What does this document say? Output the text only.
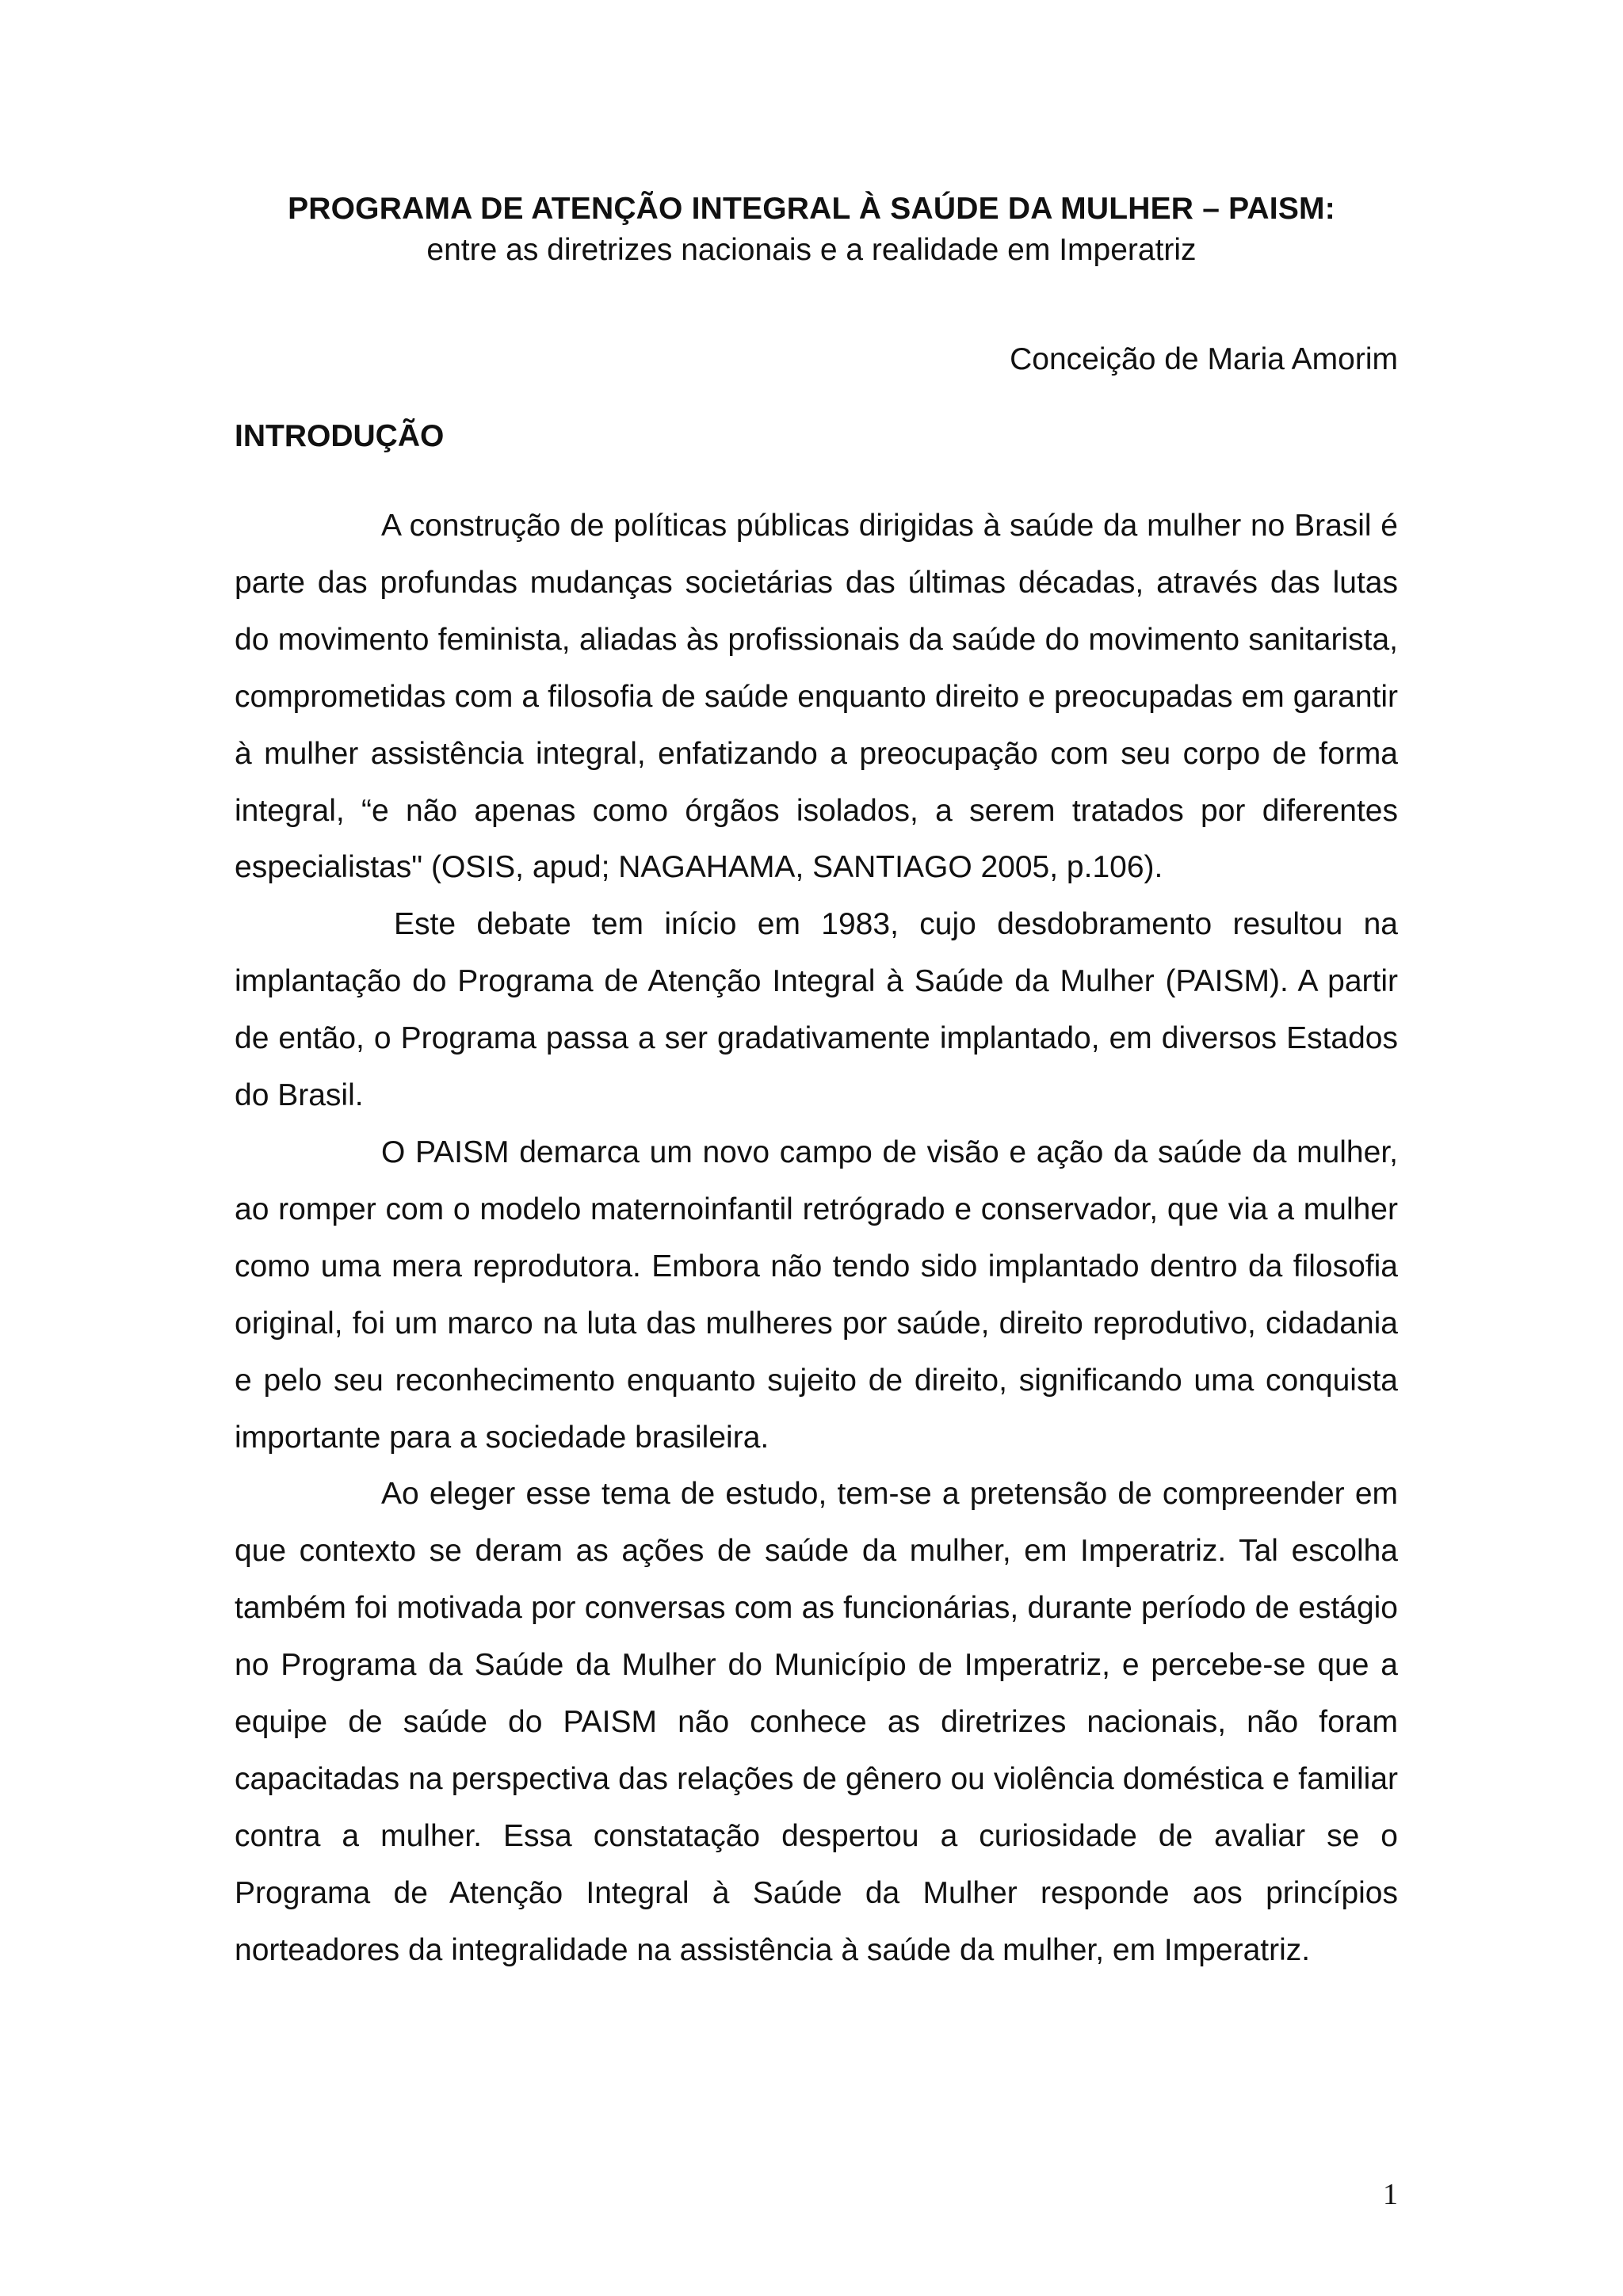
PROGRAMA DE ATENÇÃO INTEGRAL À SAÚDE DA MULHER – PAISM:
entre as diretrizes nacionais e a realidade em Imperatriz
Conceição de Maria Amorim
INTRODUÇÃO

A construção de políticas públicas dirigidas à saúde da mulher no Brasil é parte das profundas mudanças societárias das últimas décadas, através das lutas do movimento feminista, aliadas às profissionais da saúde do movimento sanitarista, comprometidas com a filosofia de saúde enquanto direito e preocupadas em garantir à mulher assistência integral, enfatizando a preocupação com seu corpo de forma integral, “e não apenas como órgãos isolados, a serem tratados por diferentes especialistas" (OSIS, apud; NAGAHAMA, SANTIAGO 2005, p.106).

Este debate tem início em 1983, cujo desdobramento resultou na implantação do Programa de Atenção Integral à Saúde da Mulher (PAISM). A partir de então, o Programa passa a ser gradativamente implantado, em diversos Estados do Brasil.

O PAISM demarca um novo campo de visão e ação da saúde da mulher, ao romper com o modelo maternoinfantil retrógrado e conservador, que via a mulher como uma mera reprodutora. Embora não tendo sido implantado dentro da filosofia original, foi um marco na luta das mulheres por saúde, direito reprodutivo, cidadania e pelo seu reconhecimento enquanto sujeito de direito, significando uma conquista importante para a sociedade brasileira.

Ao eleger esse tema de estudo, tem-se a pretensão de compreender em que contexto se deram as ações de saúde da mulher, em Imperatriz. Tal escolha também foi motivada por conversas com as funcionárias, durante período de estágio no Programa da Saúde da Mulher do Município de Imperatriz, e percebe-se que a equipe de saúde do PAISM não conhece as diretrizes nacionais, não foram capacitadas na perspectiva das relações de gênero ou violência doméstica e familiar contra a mulher. Essa constatação despertou a curiosidade de avaliar se o Programa de Atenção Integral à Saúde da Mulher responde aos princípios norteadores da integralidade na assistência à saúde da mulher, em Imperatriz.

1
